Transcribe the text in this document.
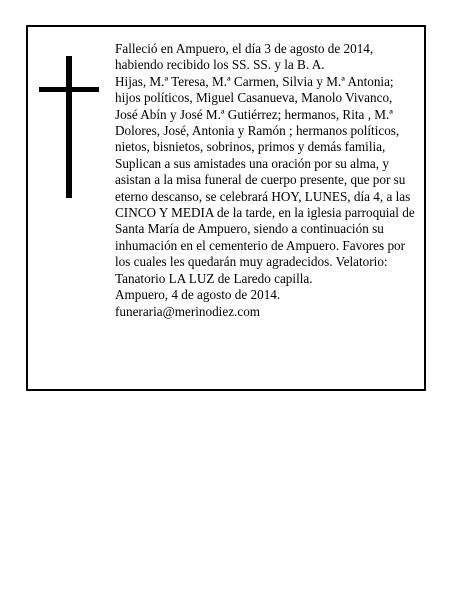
Falleció en Ampuero, el día 3 de agosto de 2014, habiendo recibido los SS. SS. y la B. A.

Hijas, M.ª Teresa, M.ª Carmen, Silvia y M.ª Antonia; hijos políticos, Miguel Casanueva, Manolo Vivanco, José Abín y José M.ª Gutiérrez; hermanos, Rita , M.ª Dolores, José, Antonia y Ramón ; hermanos políticos, nietos, bisnietos, sobrinos, primos y demás familia,

Suplican a sus amistades una oración por su alma, y asistan a la misa funeral de cuerpo presente, que por su eterno descanso, se celebrará HOY, LUNES, día 4, a las CINCO Y MEDIA de la tarde, en la iglesia parroquial de Santa María de Ampuero, siendo a continuación su inhumación en el cementerio de Ampuero. Favores por los cuales les quedarán muy agradecidos. Velatorio: Tanatorio LA LUZ de Laredo capilla.

Ampuero, 4 de agosto de 2014.

funeraria@merinodiez.com
